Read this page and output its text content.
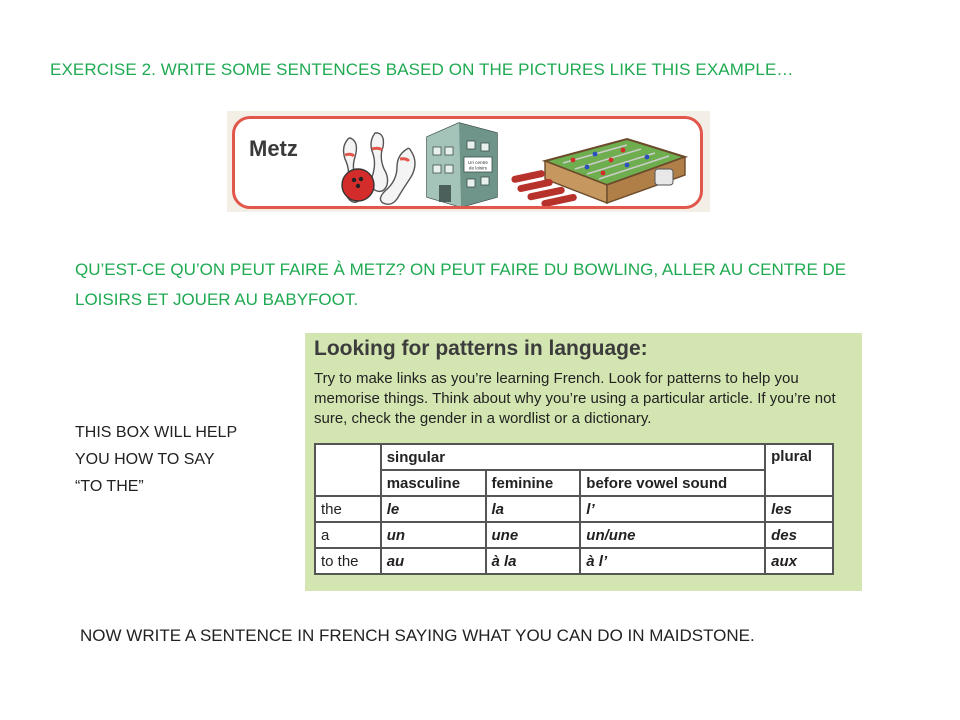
EXERCISE 2. WRITE SOME SENTENCES BASED ON THE PICTURES LIKE THIS EXAMPLE…
Metz
Un centre
de loisirs
QU’EST-CE QU’ON PEUT FAIRE À METZ? ON PEUT FAIRE DU BOWLING, ALLER AU CENTRE DE LOISIRS ET JOUER AU BABYFOOT.
THIS BOX WILL HELP
YOU HOW TO SAY
“TO THE”
Looking for patterns in language:
Try to make links as you’re learning French. Look for patterns to help you memorise things. Think about why you’re using a particular article. If you’re not sure, check the gender in a wordlist or a dictionary.
	singular			plural
	masculine	feminine	before vowel sound	
the	le	la	l’	les
a	un	une	un/une	des
to the	au	à la	à l’	aux
NOW WRITE A SENTENCE IN FRENCH SAYING WHAT YOU CAN DO IN MAIDSTONE.
